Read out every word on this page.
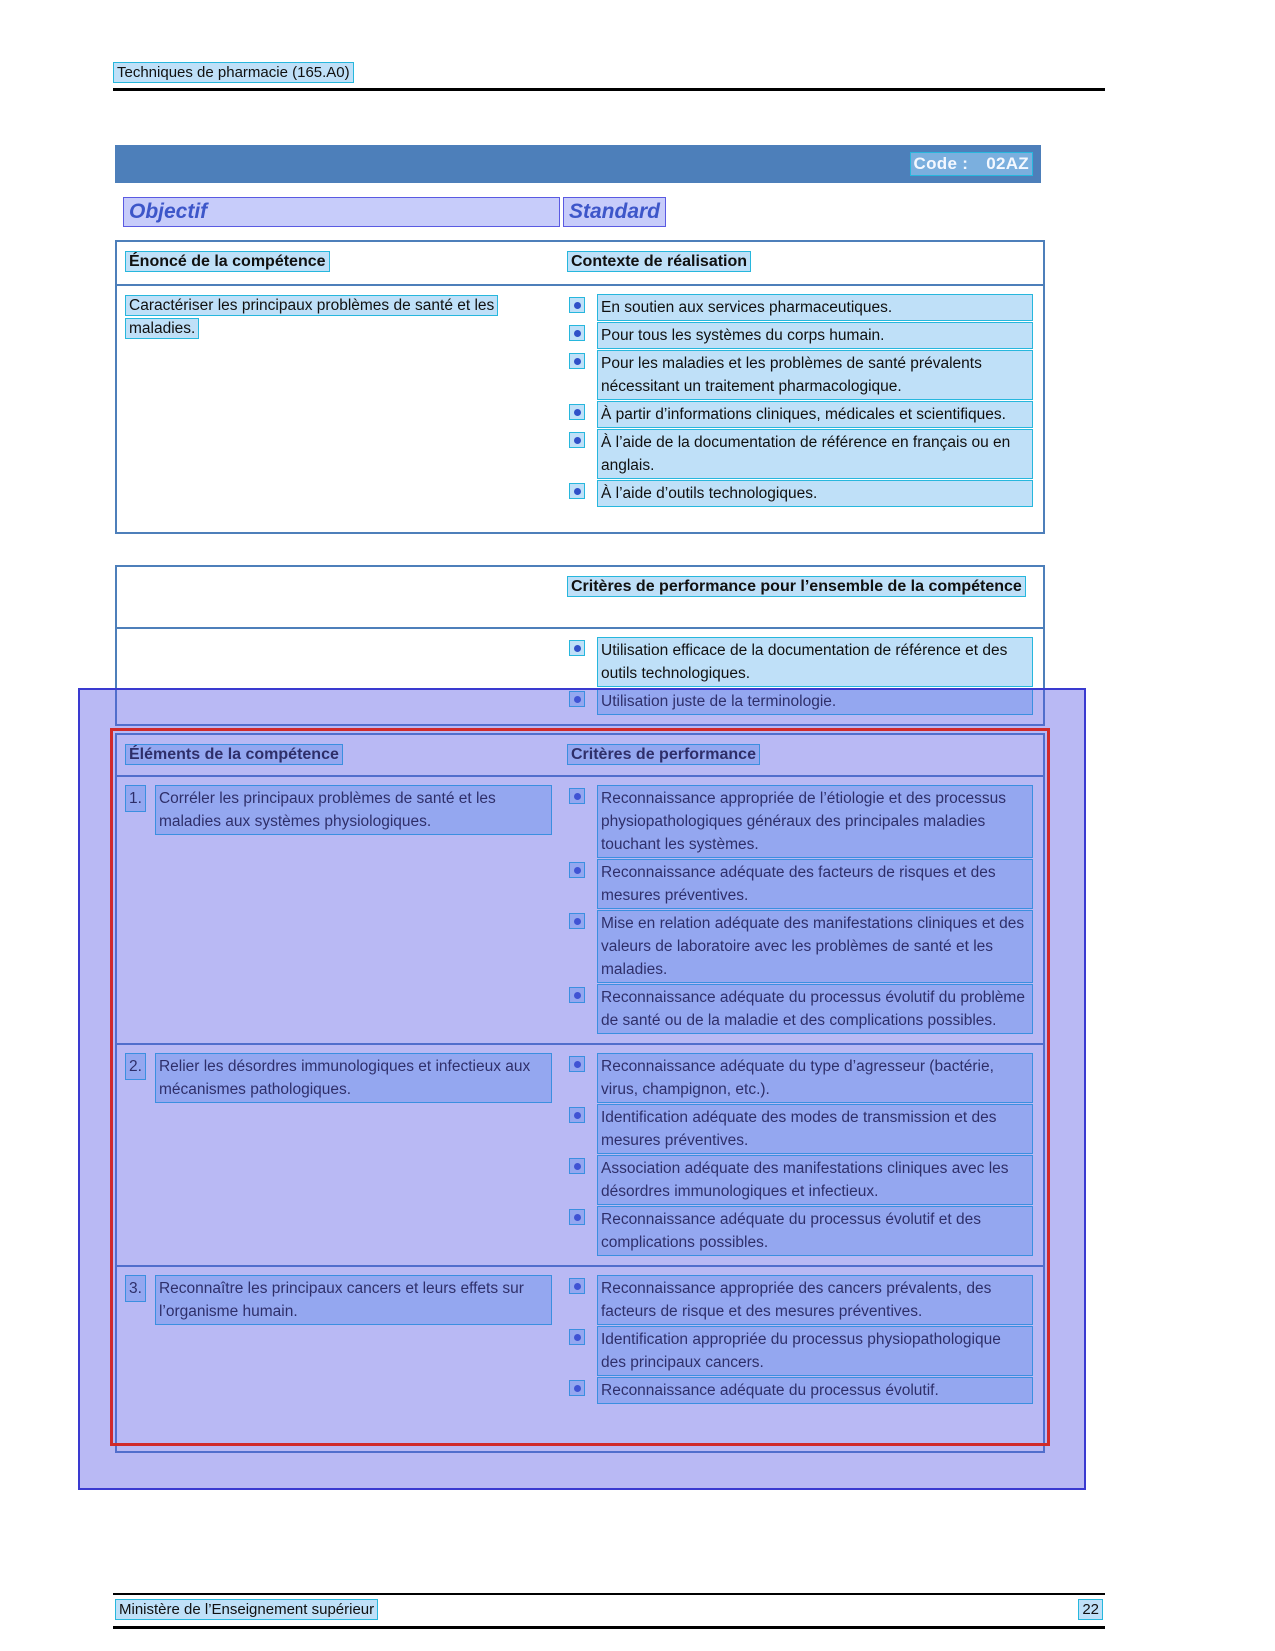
Techniques de pharmacie (165.A0)
Code : 02AZ
Objectif	Standard
Énoncé de la compétence	Contexte de réalisation
Caractériser les principaux problèmes de santé et les maladies.
En soutien aux services pharmaceutiques.
Pour tous les systèmes du corps humain.
Pour les maladies et les problèmes de santé prévalents nécessitant un traitement pharmacologique.
À partir d’informations cliniques, médicales et scientifiques.
À l’aide de la documentation de référence en français ou en anglais.
À l’aide d’outils technologiques.
Critères de performance pour l’ensemble de la compétence
Utilisation efficace de la documentation de référence et des outils technologiques.
Utilisation juste de la terminologie.
Éléments de la compétence	Critères de performance
1. Corréler les principaux problèmes de santé et les maladies aux systèmes physiologiques.
Reconnaissance appropriée de l’étiologie et des processus physiopathologiques généraux des principales maladies touchant les systèmes.
Reconnaissance adéquate des facteurs de risques et des mesures préventives.
Mise en relation adéquate des manifestations cliniques et des valeurs de laboratoire avec les problèmes de santé et les maladies.
Reconnaissance adéquate du processus évolutif du problème de santé ou de la maladie et des complications possibles.
2. Relier les désordres immunologiques et infectieux aux mécanismes pathologiques.
Reconnaissance adéquate du type d’agresseur (bactérie, virus, champignon, etc.).
Identification adéquate des modes de transmission et des mesures préventives.
Association adéquate des manifestations cliniques avec les désordres immunologiques et infectieux.
Reconnaissance adéquate du processus évolutif et des complications possibles.
3. Reconnaître les principaux cancers et leurs effets sur l’organisme humain.
Reconnaissance appropriée des cancers prévalents, des facteurs de risque et des mesures préventives.
Identification appropriée du processus physiopathologique des principaux cancers.
Reconnaissance adéquate du processus évolutif.
Ministère de l’Enseignement supérieur	22
